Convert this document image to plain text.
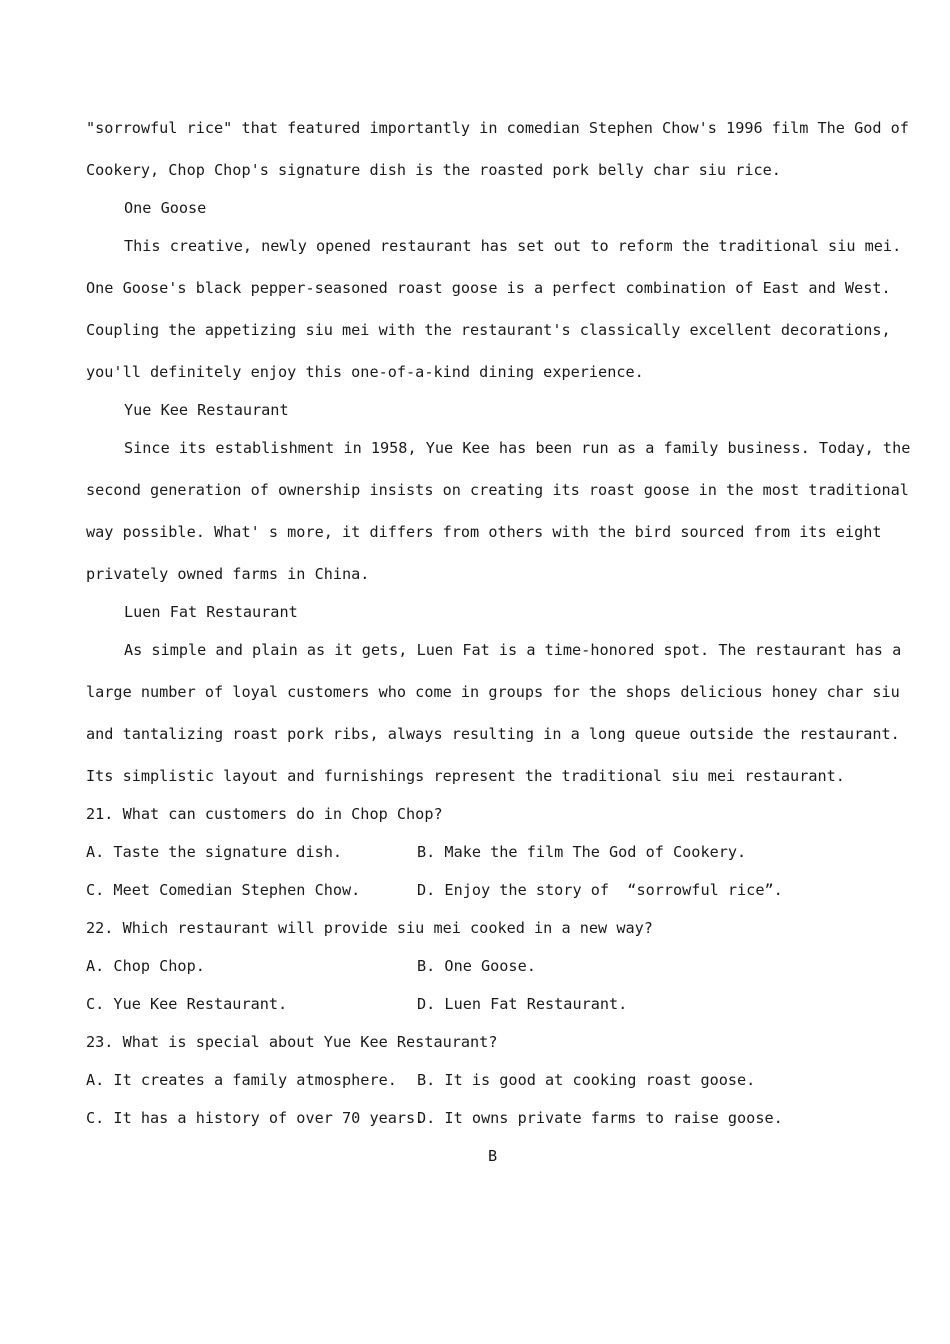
"sorrowful rice" that featured importantly in comedian Stephen Chow's 1996 film The God of
Cookery, Chop Chop's signature dish is the roasted pork belly char siu rice.
One Goose
This creative, newly opened restaurant has set out to reform the traditional siu mei.
One Goose's black pepper-seasoned roast goose is a perfect combination of East and West.
Coupling the appetizing siu mei with the restaurant's classically excellent decorations,
you'll definitely enjoy this one-of-a-kind dining experience.
Yue Kee Restaurant
Since its establishment in 1958, Yue Kee has been run as a family business. Today, the
second generation of ownership insists on creating its roast goose in the most traditional
way possible. What' s more, it differs from others with the bird sourced from its eight
privately owned farms in China.
Luen Fat Restaurant
As simple and plain as it gets, Luen Fat is a time-honored spot. The restaurant has a
large number of loyal customers who come in groups for the shops delicious honey char siu
and tantalizing roast pork ribs, always resulting in a long queue outside the restaurant.
Its simplistic layout and furnishings represent the traditional siu mei restaurant.
21. What can customers do in Chop Chop?
A. Taste the signature dish.	B. Make the film The God of Cookery.
C. Meet Comedian Stephen Chow.	D. Enjoy the story of  “sorrowful rice”.
22. Which restaurant will provide siu mei cooked in a new way?
A. Chop Chop.	B. One Goose.
C. Yue Kee Restaurant.	D. Luen Fat Restaurant.
23. What is special about Yue Kee Restaurant?
A. It creates a family atmosphere. B. It is good at cooking roast goose.
C. It has a history of over 70 years.
D. It owns private farms to raise goose.
B
